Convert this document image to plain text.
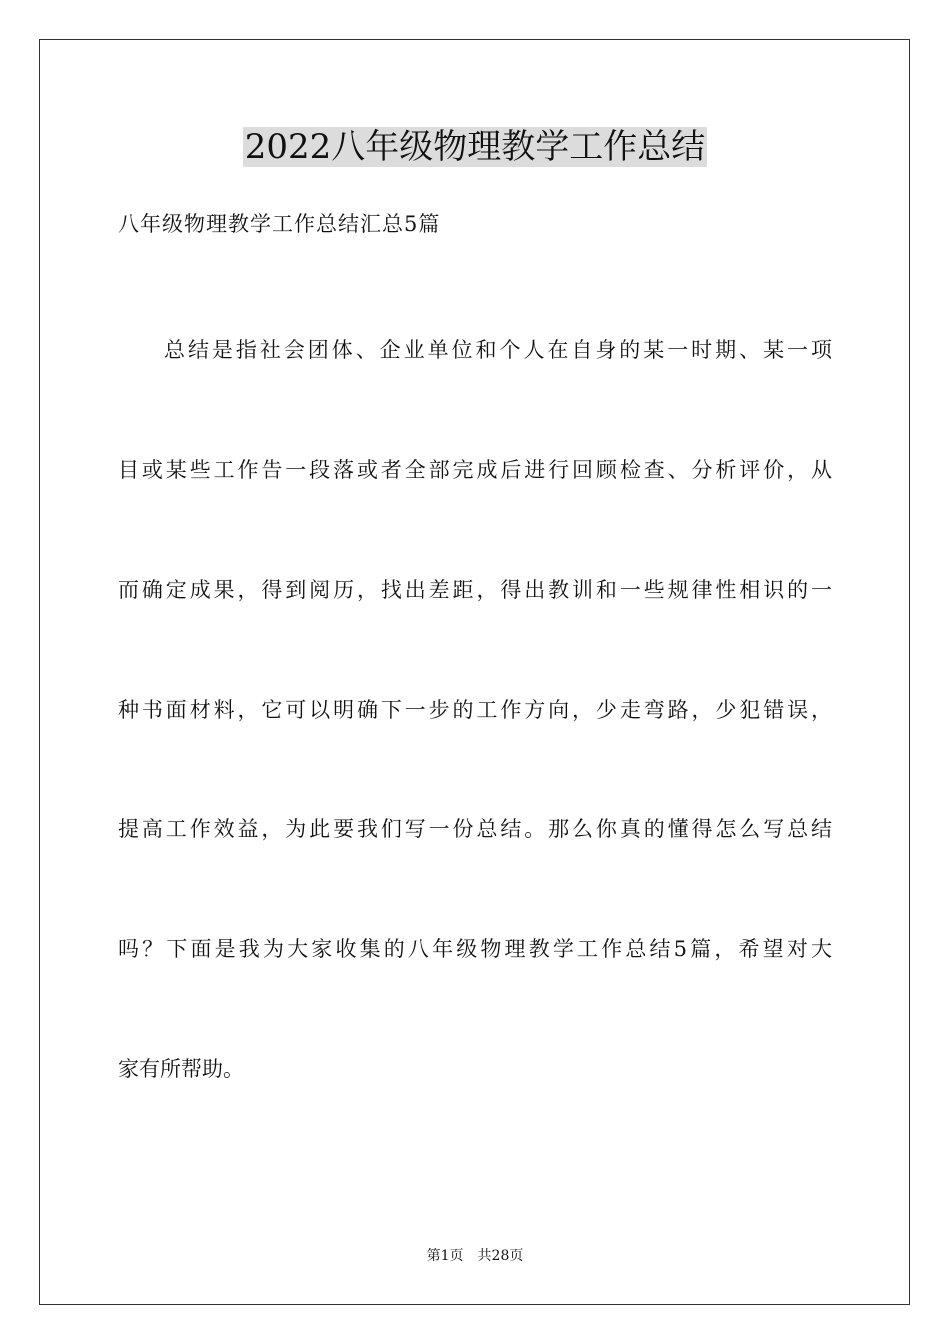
2022八年级物理教学工作总结

八年级物理教学工作总结汇总5篇

总结是指社会团体、企业单位和个人在自身的某一时期、某一项

目或某些工作告一段落或者全部完成后进行回顾检查、分析评价，从

而确定成果，得到阅历，找出差距，得出教训和一些规律性相识的一

种书面材料，它可以明确下一步的工作方向，少走弯路，少犯错误，

提高工作效益，为此要我们写一份总结。那么你真的懂得怎么写总结

吗？下面是我为大家收集的八年级物理教学工作总结5篇，希望对大

家有所帮助。

第1页 共28页
